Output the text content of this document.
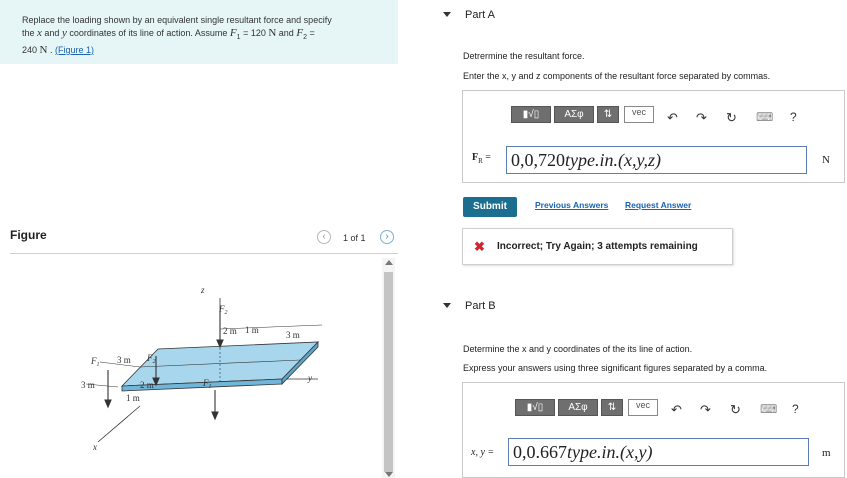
Replace the loading shown by an equivalent single resultant force and specify
the x and y coordinates of its line of action. Assume $F_1 = 120$ N and $F_2$ =
240 N . (Figure 1)
Figure	‹	1 of 1	›
z
$F_2$
2 m 1 m	3 m
y
$F_1$ 3 m $F_2$
2 m
1 m
$F_1$
3 m
x
Part A
Detrermine the resultant force.
Enter the x, y and z components of the resultant force separated by commas.
▮√▯	ΑΣφ	⇅	vec	↶ ↷ ↻ ⌨ ?
$F_R$ = 0,0,720type.in.(x,y,z)	N
Submit	Previous Answers Request Answer
✖ Incorrect; Try Again; 3 attempts remaining
Part B
Determine the x and y coordinates of the its line of action.
Express your answers using three significant figures separated by a comma.
▮√▯	ΑΣφ	⇅	vec	↶ ↷ ↻ ⌨ ?
x, y = 0,0.667type.in.(x,y)	m
